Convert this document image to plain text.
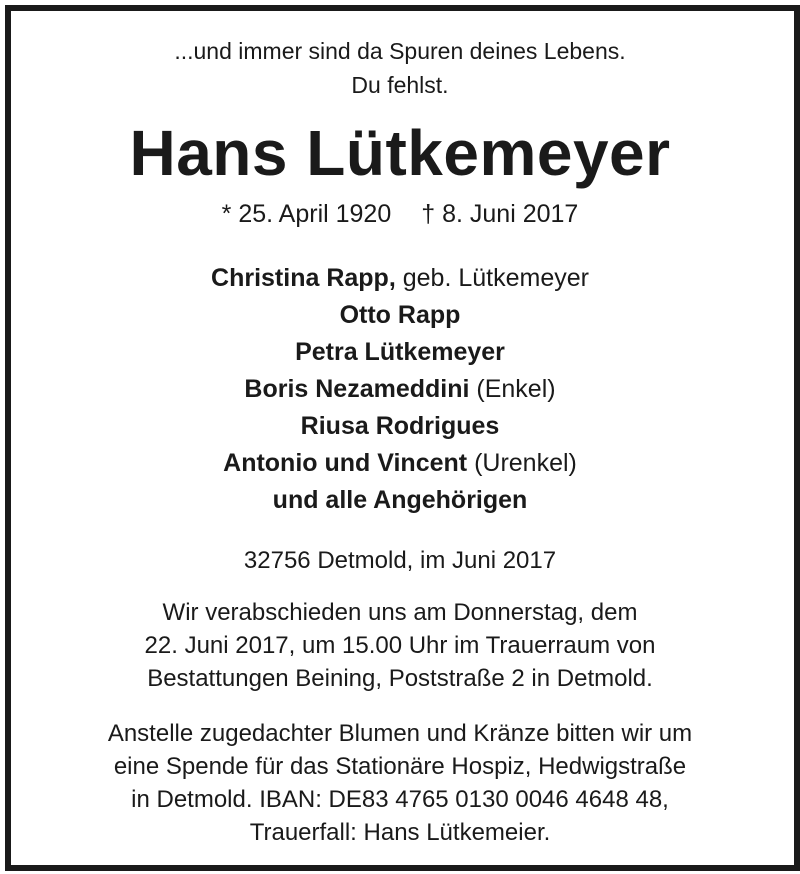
...und immer sind da Spuren deines Lebens.
Du fehlst.
Hans Lütkemeyer
* 25. April 1920 † 8. Juni 2017
Christina Rapp, geb. Lütkemeyer
Otto Rapp
Petra Lütkemeyer
Boris Nezameddini (Enkel)
Riusa Rodrigues
Antonio und Vincent (Urenkel)
und alle Angehörigen
32756 Detmold, im Juni 2017
Wir verabschieden uns am Donnerstag, dem
22. Juni 2017, um 15.00 Uhr im Trauerraum von
Bestattungen Beining, Poststraße 2 in Detmold.
Anstelle zugedachter Blumen und Kränze bitten wir um
eine Spende für das Stationäre Hospiz, Hedwigstraße
in Detmold. IBAN: DE83 4765 0130 0046 4648 48,
Trauerfall: Hans Lütkemeier.
